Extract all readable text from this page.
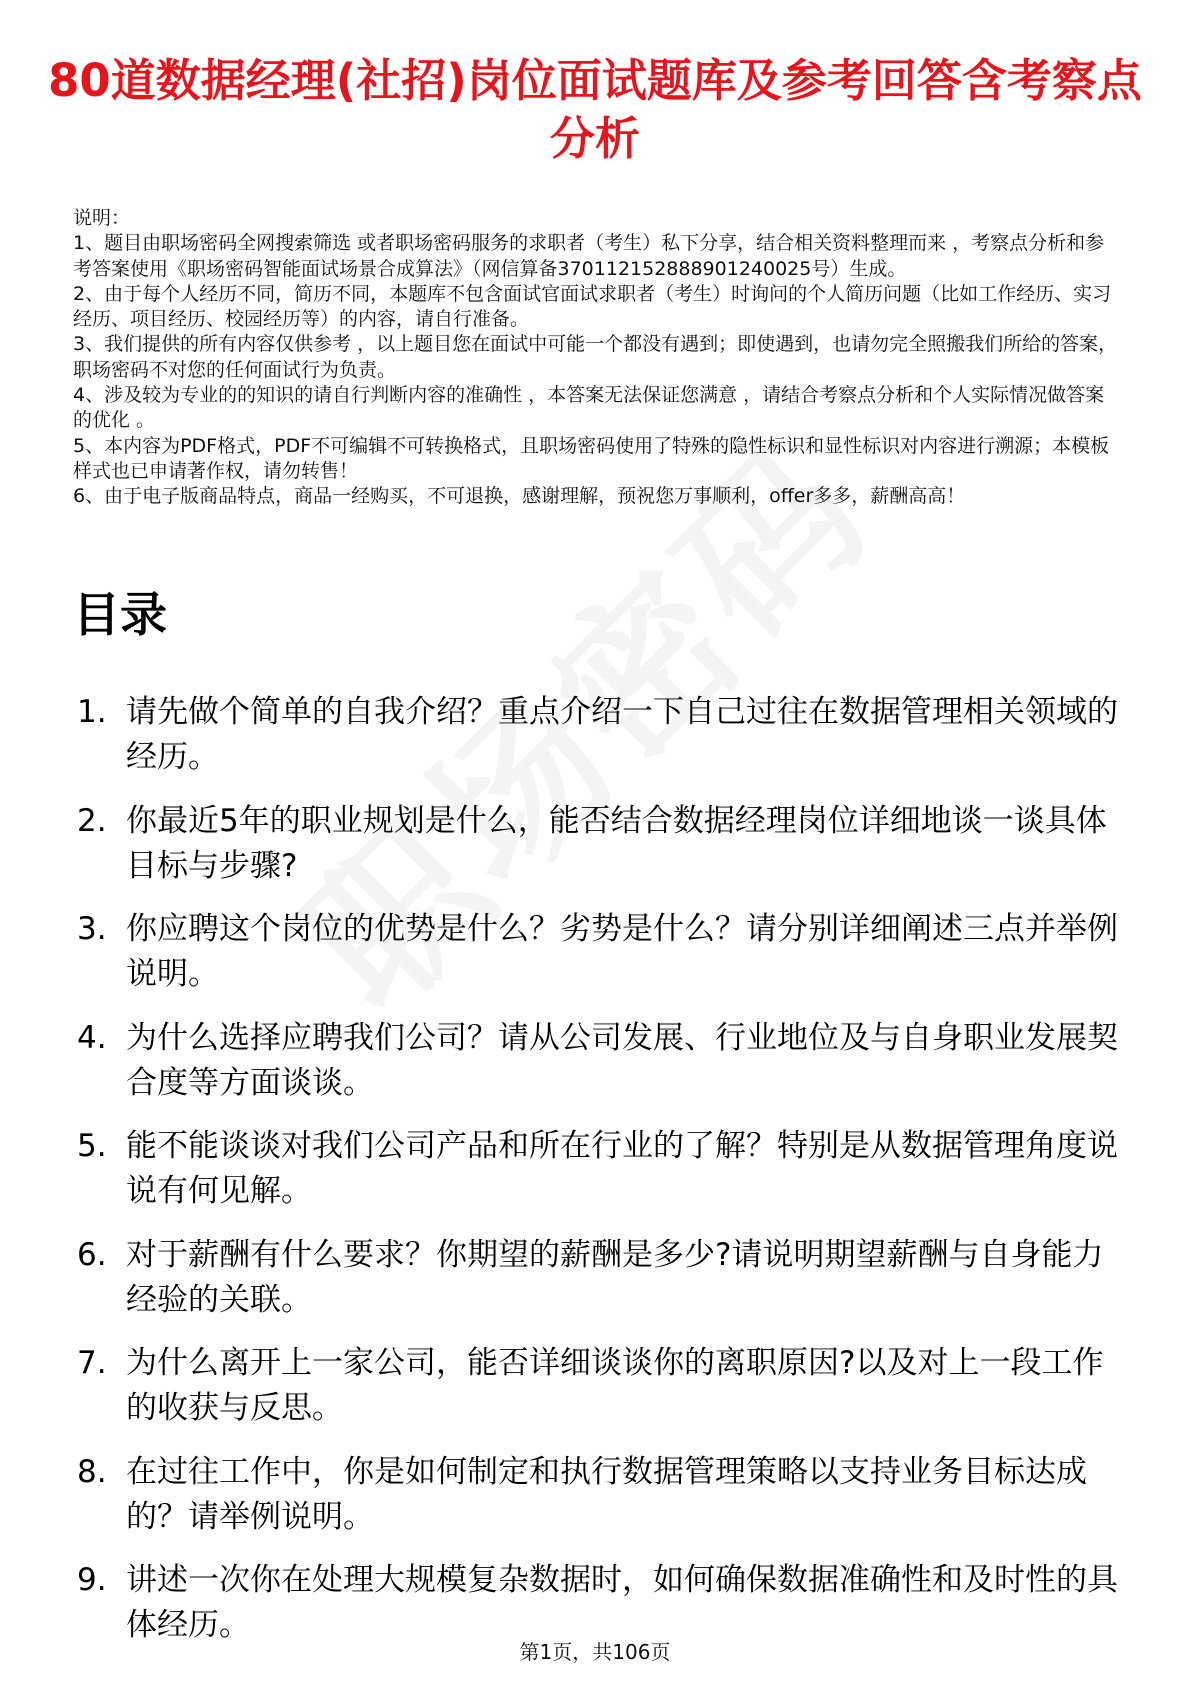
80道数据经理(社招)岗位面试题库及参考回答含考察点分析

说明：

1、题目由职场密码全网搜索筛选 或者职场密码服务的求职者（考生）私下分享，结合相关资料整理而来 ，考察点分析和参考答案使用《职场密码智能面试场景合成算法》（网信算备370112152888901240025号）生成。

2、由于每个人经历不同，简历不同，本题库不包含面试官面试求职者（考生）时询问的个人简历问题（比如工作经历、实习经历、项目经历、校园经历等）的内容，请自行准备。

3、我们提供的所有内容仅供参考 ，以上题目您在面试中可能一个都没有遇到；即使遇到，也请勿完全照搬我们所给的答案，职场密码不对您的任何面试行为负责。

4、涉及较为专业的的知识的请自行判断内容的准确性 ，本答案无法保证您满意 ，请结合考察点分析和个人实际情况做答案的优化 。

5、本内容为PDF格式，PDF不可编辑不可转换格式，且职场密码使用了特殊的隐性标识和显性标识对内容进行溯源；本模板样式也已申请著作权，请勿转售！

6、由于电子版商品特点，商品一经购买，不可退换，感谢理解，预祝您万事顺利，offer多多，薪酬高高！

目录
1. 请先做个简单的自我介绍？重点介绍一下自己过往在数据管理相关领域的经历。
2. 你最近5年的职业规划是什么，能否结合数据经理岗位详细地谈一谈具体目标与步骤?
3. 你应聘这个岗位的优势是什么？劣势是什么？请分别详细阐述三点并举例说明。
4. 为什么选择应聘我们公司？请从公司发展、行业地位及与自身职业发展契合度等方面谈谈。
5. 能不能谈谈对我们公司产品和所在行业的了解？特别是从数据管理角度说说有何见解。
6. 对于薪酬有什么要求？你期望的薪酬是多少?请说明期望薪酬与自身能力经验的关联。
7. 为什么离开上一家公司，能否详细谈谈你的离职原因?以及对上一段工作的收获与反思。
8. 在过往工作中，你是如何制定和执行数据管理策略以支持业务目标达成的？请举例说明。
9. 讲述一次你在处理大规模复杂数据时，如何确保数据准确性和及时性的具体经历。
第1页，共106页
